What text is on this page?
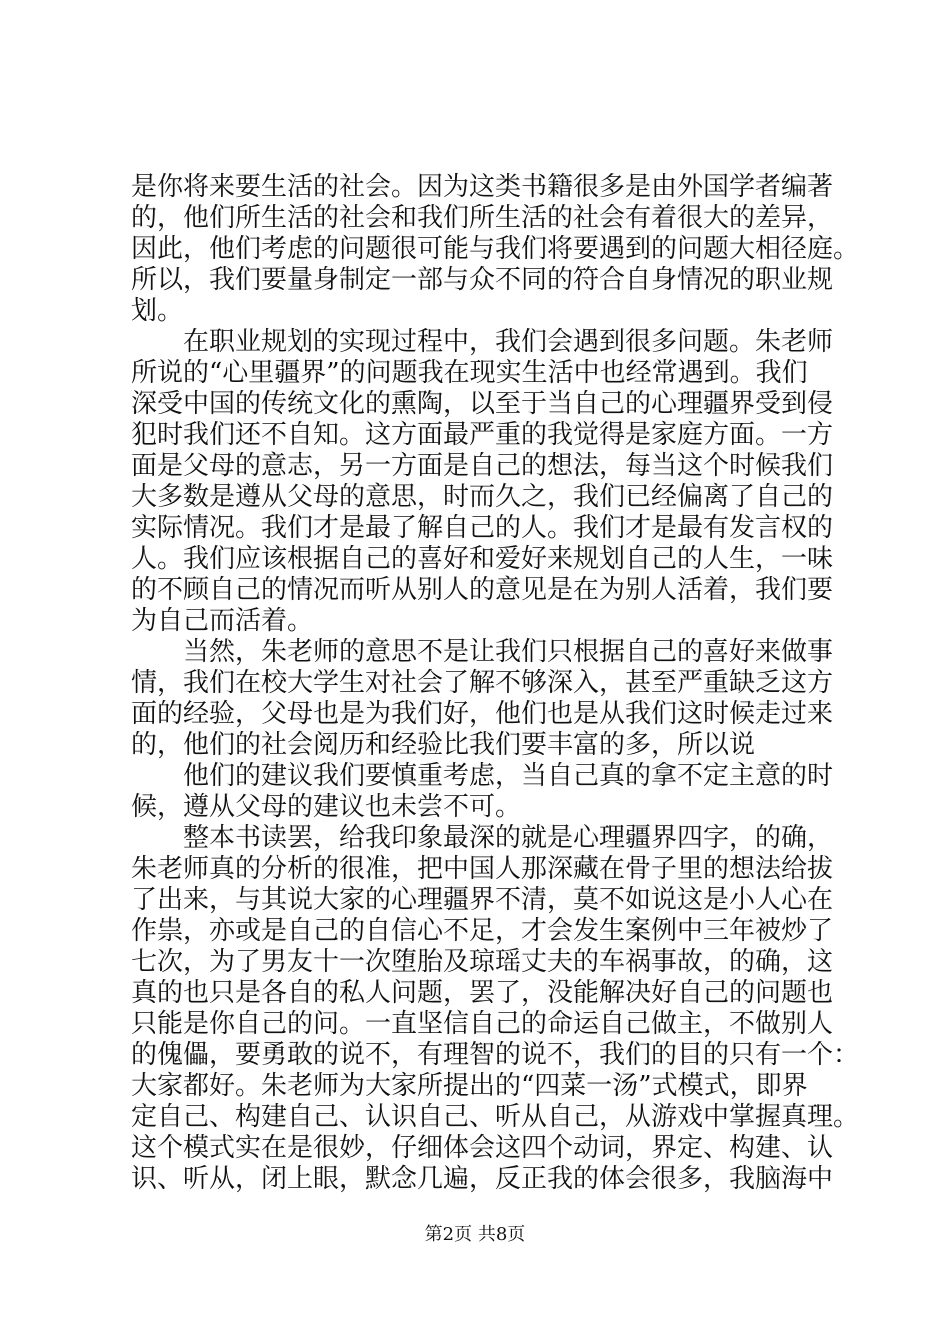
是你将来要生活的社会。因为这类书籍很多是由外国学者编著
的，他们所生活的社会和我们所生活的社会有着很大的差异，
因此，他们考虑的问题很可能与我们将要遇到的问题大相径庭。
所以，我们要量身制定一部与众不同的符合自身情况的职业规
划。
　　在职业规划的实现过程中，我们会遇到很多问题。朱老师
所说的“心里疆界”的问题我在现实生活中也经常遇到。我们
深受中国的传统文化的熏陶，以至于当自己的心理疆界受到侵
犯时我们还不自知。这方面最严重的我觉得是家庭方面。一方
面是父母的意志，另一方面是自己的想法，每当这个时候我们
大多数是遵从父母的意思，时而久之，我们已经偏离了自己的
实际情况。我们才是最了解自己的人。我们才是最有发言权的
人。我们应该根据自己的喜好和爱好来规划自己的人生，一味
的不顾自己的情况而听从别人的意见是在为别人活着，我们要
为自己而活着。
　　当然，朱老师的意思不是让我们只根据自己的喜好来做事
情，我们在校大学生对社会了解不够深入，甚至严重缺乏这方
面的经验，父母也是为我们好，他们也是从我们这时候走过来
的，他们的社会阅历和经验比我们要丰富的多，所以说
　　他们的建议我们要慎重考虑，当自己真的拿不定主意的时
候，遵从父母的建议也未尝不可。
　　整本书读罢，给我印象最深的就是心理疆界四字，的确，
朱老师真的分析的很准，把中国人那深藏在骨子里的想法给拔
了出来，与其说大家的心理疆界不清，莫不如说这是小人心在
作祟，亦或是自己的自信心不足，才会发生案例中三年被炒了
七次，为了男友十一次堕胎及琼瑶丈夫的车祸事故，的确，这
真的也只是各自的私人问题，罢了，没能解决好自己的问题也
只能是你自己的问。一直坚信自己的命运自己做主，不做别人
的傀儡，要勇敢的说不，有理智的说不，我们的目的只有一个：
大家都好。朱老师为大家所提出的“四菜一汤”式模式，即界
定自己、构建自己、认识自己、听从自己，从游戏中掌握真理。
这个模式实在是很妙，仔细体会这四个动词，界定、构建、认
识、听从，闭上眼，默念几遍，反正我的体会很多，我脑海中
第2页 共8页
